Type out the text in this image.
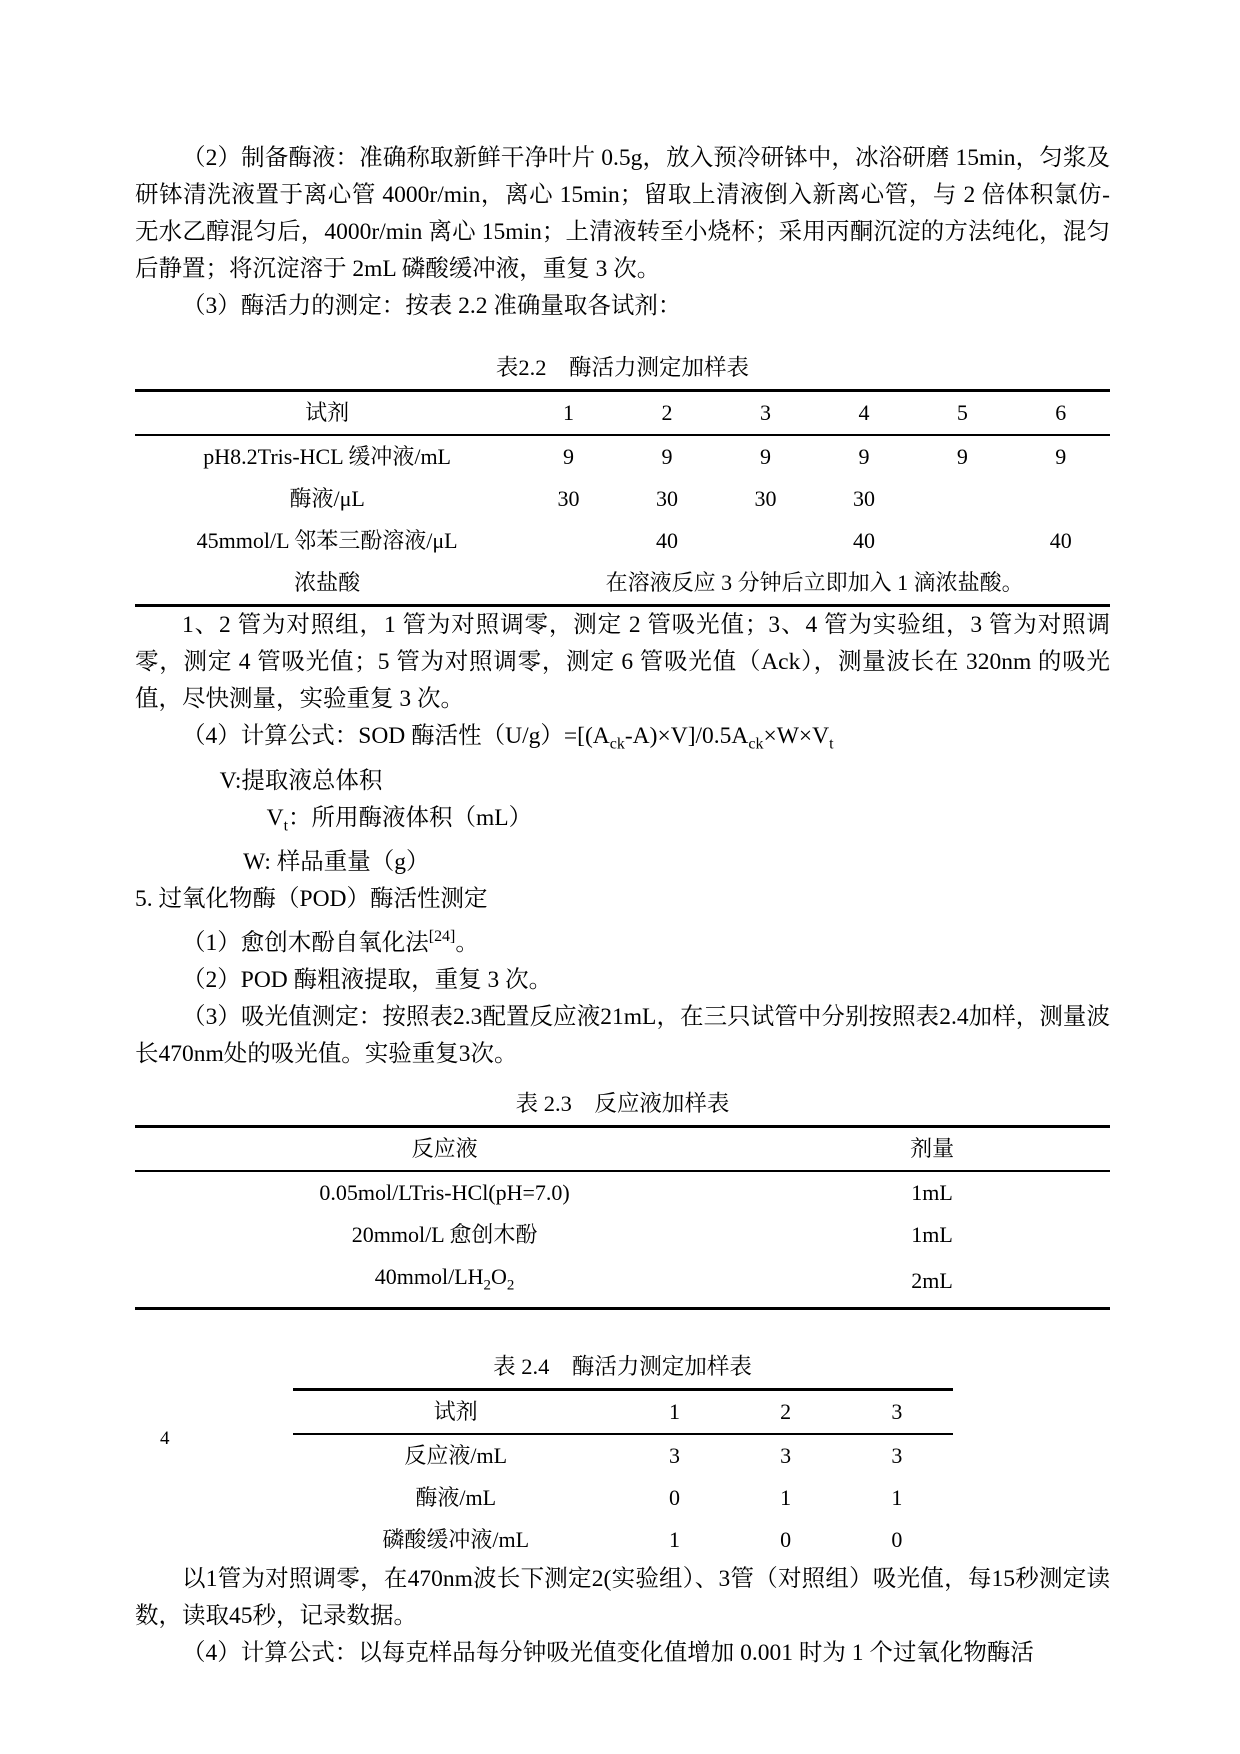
（2）制备酶液：准确称取新鲜干净叶片 0.5g，放入预冷研钵中，冰浴研磨 15min，匀浆及研钵清洗液置于离心管 4000r/min，离心 15min；留取上清液倒入新离心管，与 2 倍体积氯仿-无水乙醇混匀后，4000r/min 离心 15min；上清液转至小烧杯；采用丙酮沉淀的方法纯化，混匀后静置；将沉淀溶于 2mL 磷酸缓冲液，重复 3 次。

（3）酶活力的测定：按表 2.2 准确量取各试剂：

表2.2　酶活力测定加样表
试剂	1	2	3	4	5	6
pH8.2Tris-HCL 缓冲液/mL	9	9	9	9	9	9
酶液/μL	30	30	30	30		
45mmol/L 邻苯三酚溶液/μL		40		40		40
浓盐酸	在溶液反应 3 分钟后立即加入 1 滴浓盐酸。					

1、2 管为对照组，1 管为对照调零，测定 2 管吸光值；3、4 管为实验组，3 管为对照调零，测定 4 管吸光值；5 管为对照调零，测定 6 管吸光值（Ack），测量波长在 320nm 的吸光值，尽快测量，实验重复 3 次。

（4）计算公式：SOD 酶活性$(U/g)=[(A_{ck}-A)\times V]/0.5A_{ck}\times W\times V_t$
V:提取液总体积
$V_t$：所用酶液体积（mL）
W: 样品重量（g）
5. 过氧化物酶（POD）酶活性测定
（1）愈创木酚自氧化法[24]。
（2）POD 酶粗液提取，重复 3 次。

（3）吸光值测定：按照表2.3配置反应液21mL，在三只试管中分别按照表2.4加样，测量波长470nm处的吸光值。实验重复3次。

表 2.3　反应液加样表
反应液	剂量
0.05mol/LTris-HCl(pH=7.0)	1mL
20mmol/L 愈创木酚	1mL
$40mmol/LH_2O_2$	2mL
表 2.4　酶活力测定加样表
试剂	1	2	3
反应液/mL	3	3	3
酶液/mL	0	1	1
磷酸缓冲液/mL	1	0	0

以1管为对照调零，在470nm波长下测定2(实验组）、3管（对照组）吸光值，每15秒测定读数，读取45秒，记录数据。

（4）计算公式：以每克样品每分钟吸光值变化值增加 0.001 时为 1 个过氧化物酶活

4
